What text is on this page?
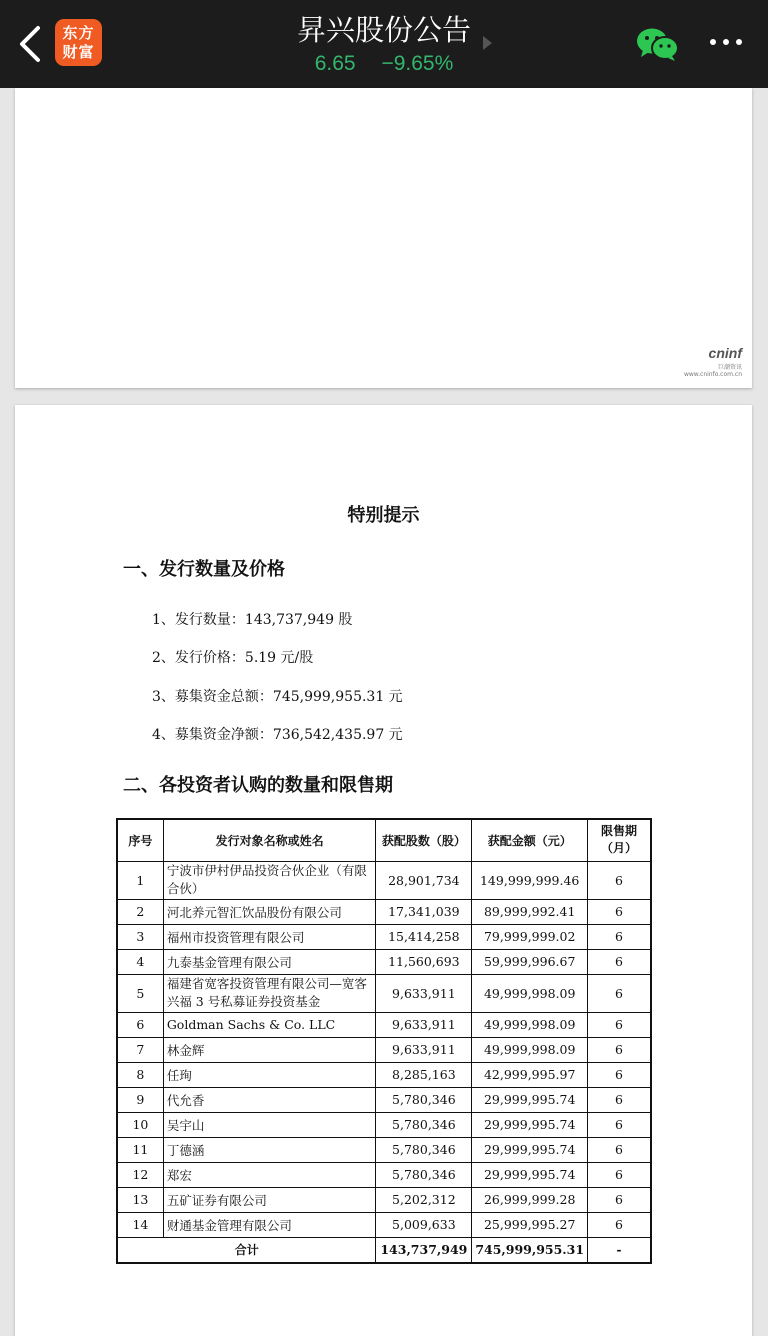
东方
财富
昇兴股份公告
6.65 −9.65%
cninf
巨潮资讯
www.cninfo.com.cn
特别提示
一、发行数量及价格
1、发行数量：143,737,949 股
2、发行价格：5.19 元/股
3、募集资金总额：745,999,955.31 元
4、募集资金净额：736,542,435.97 元
二、各投资者认购的数量和限售期
序号	发行对象名称或姓名	获配股数（股）	获配金额（元）	限售期
（月）
1	宁波市伊村伊品投资合伙企业（有限合伙）	28,901,734	149,999,999.46	6
2	河北养元智汇饮品股份有限公司	17,341,039	89,999,992.41	6
3	福州市投资管理有限公司	15,414,258	79,999,999.02	6
4	九泰基金管理有限公司	11,560,693	59,999,996.67	6
5	福建省宽客投资管理有限公司—宽客兴福 3 号私募证券投资基金	9,633,911	49,999,998.09	6
6	Goldman Sachs & Co. LLC	9,633,911	49,999,998.09	6
7	林金辉	9,633,911	49,999,998.09	6
8	任珣	8,285,163	42,999,995.97	6
9	代允香	5,780,346	29,999,995.74	6
10	吴宇山	5,780,346	29,999,995.74	6
11	丁德涵	5,780,346	29,999,995.74	6
12	郑宏	5,780,346	29,999,995.74	6
13	五矿证券有限公司	5,202,312	26,999,999.28	6
14	财通基金管理有限公司	5,009,633	25,999,995.27	6
合计		143,737,949	745,999,955.31	-
